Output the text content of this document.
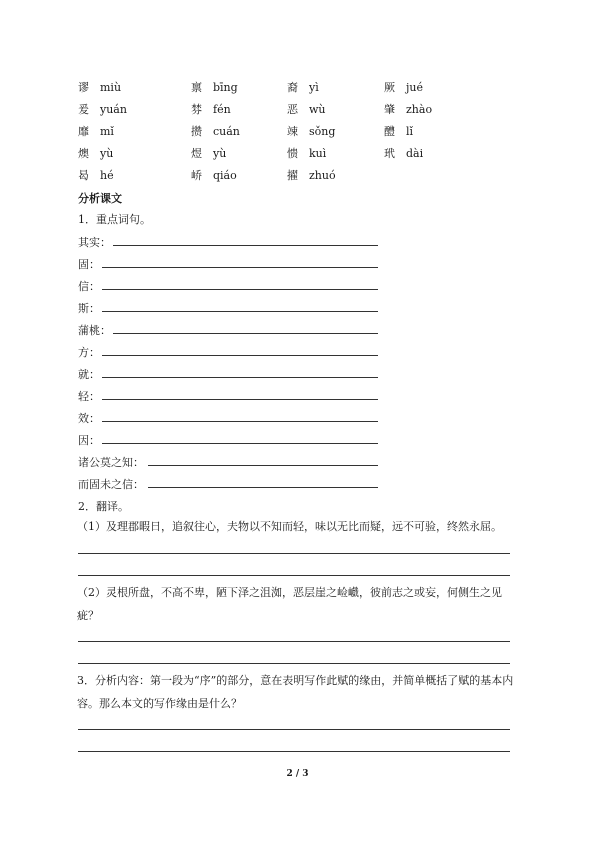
谬 miù	禀 bīng	裔 yì	厥 jué
爰 yuán	棼 fén	恶 wù	肇 zhào
靡 mǐ	攒 cuán	竦 sǒng	醴 lǐ
燠 yù	煜 yù	愦 kuì	玳 dài
曷 hé	峤 qiáo	擢 zhuó
分析课文
1．重点词句。
其实：
固：
信：
斯：
蒲桃：
方：
就：
轻：
效：
因：
诸公莫之知：
而固未之信：
2．翻译。
（1）及理郡暇日，追叙往心，夫物以不知而轻，味以无比而疑，远不可验，终然永屈。
（2）灵根所盘，不高不卑，陋下泽之沮洳，恶层崖之崄巇，彼前志之或妄，何侧生之见疵？
3．分析内容：第一段为“序”的部分，意在表明写作此赋的缘由，并简单概括了赋的基本内容。那么本文的写作缘由是什么？
2 / 3
